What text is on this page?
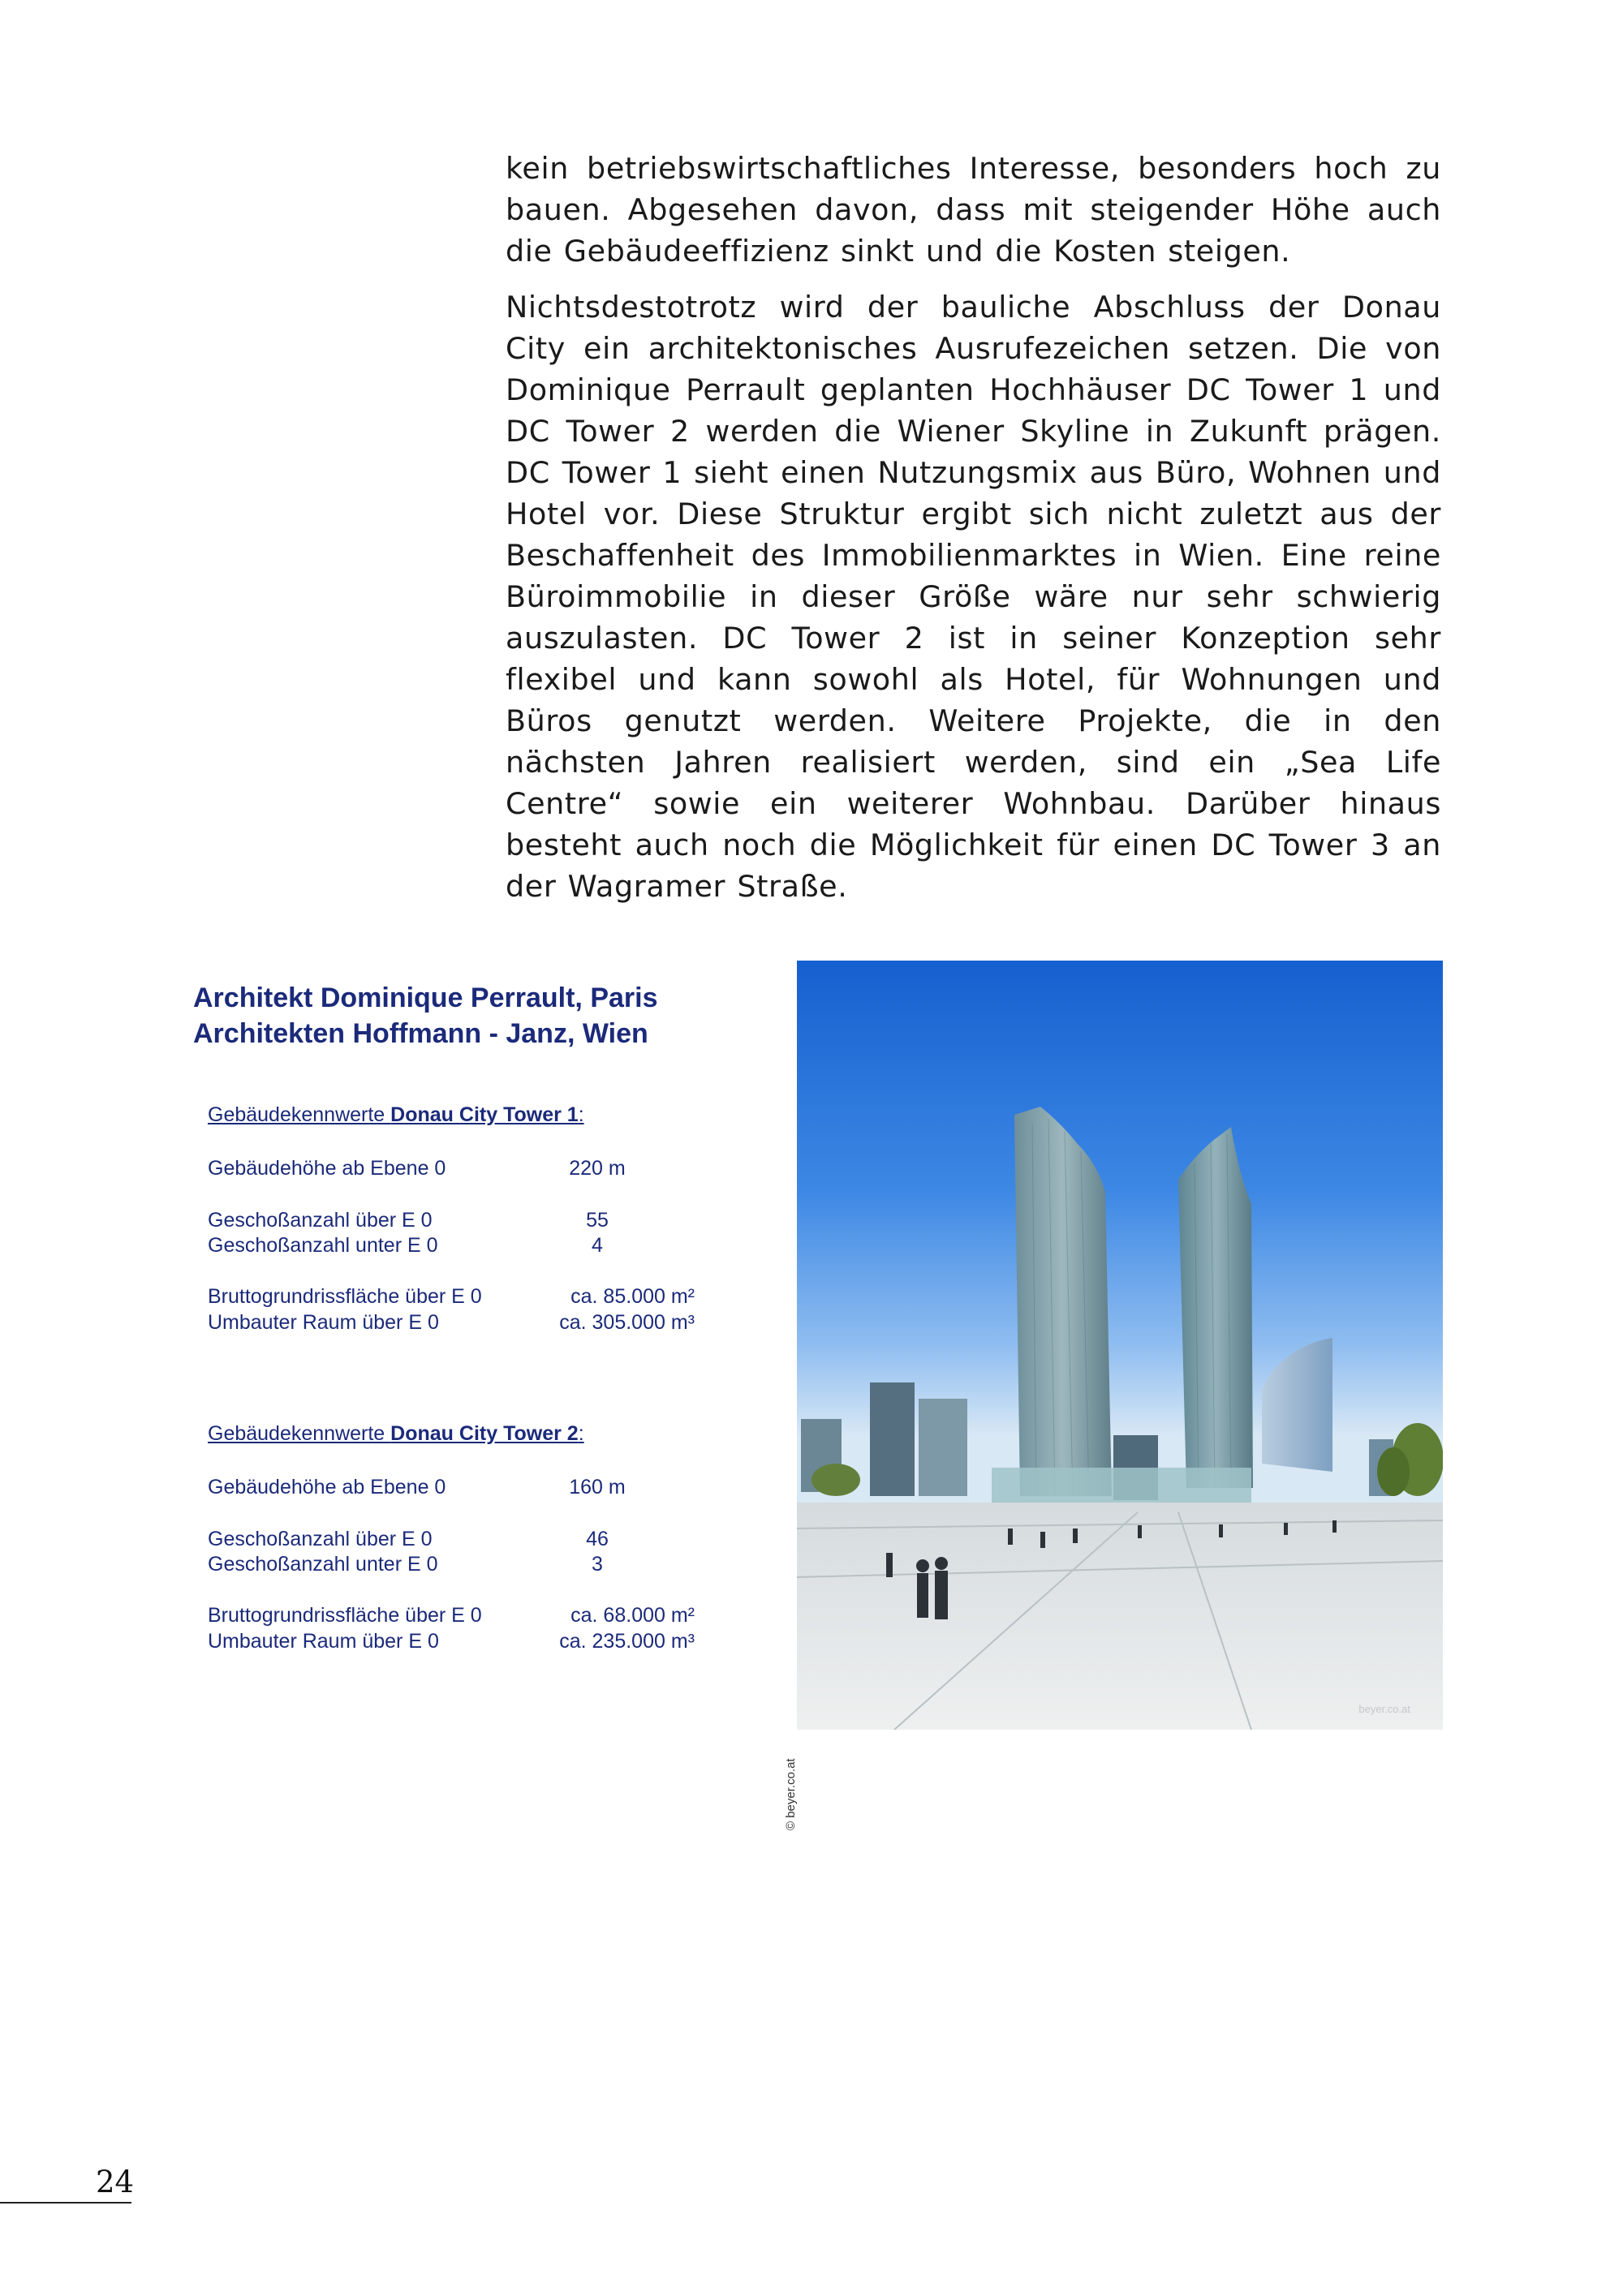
kein betriebswirtschaftliches Interesse, besonders hoch zu bauen. Abgesehen davon, dass mit steigender Höhe auch die Gebäudeeffizienz sinkt und die Kosten steigen.

Nichtsdestotrotz wird der bauliche Abschluss der Donau City ein architektonisches Ausrufezeichen setzen. Die von Dominique Perrault geplanten Hochhäuser DC Tower 1 und DC Tower 2 werden die Wiener Skyline in Zukunft prägen. DC Tower 1 sieht einen Nutzungsmix aus Büro, Wohnen und Hotel vor. Diese Struktur ergibt sich nicht zuletzt aus der Beschaffenheit des Immobilienmarktes in Wien. Eine reine Büroimmobilie in dieser Größe wäre nur sehr schwierig auszulasten. DC Tower 2 ist in seiner Konzeption sehr flexibel und kann sowohl als Hotel, für Wohnungen und Büros genutzt werden. Weitere Projekte, die in den nächsten Jahren realisiert werden, sind ein „Sea Life Centre“ sowie ein weiterer Wohnbau. Darüber hinaus besteht auch noch die Möglichkeit für einen DC Tower 3 an der Wagramer Straße.

Architekt Dominique Perrault, Paris
Architekten Hoffmann - Janz, Wien
Gebäudekennwerte Donau City Tower 1:
Gebäudehöhe ab Ebene 0	220 m
Geschoßanzahl über E 0	55
Geschoßanzahl unter E 0	4
Bruttogrundrissfläche über E 0	ca. 85.000 m²
Umbauter Raum über E 0	ca. 305.000 m³
Gebäudekennwerte Donau City Tower 2:
Gebäudehöhe ab Ebene 0	160 m
Geschoßanzahl über E 0	46
Geschoßanzahl unter E 0	3
Bruttogrundrissfläche über E 0	ca. 68.000 m²
Umbauter Raum über E 0	ca. 235.000 m³
beyer.co.at
© beyer.co.at
24
